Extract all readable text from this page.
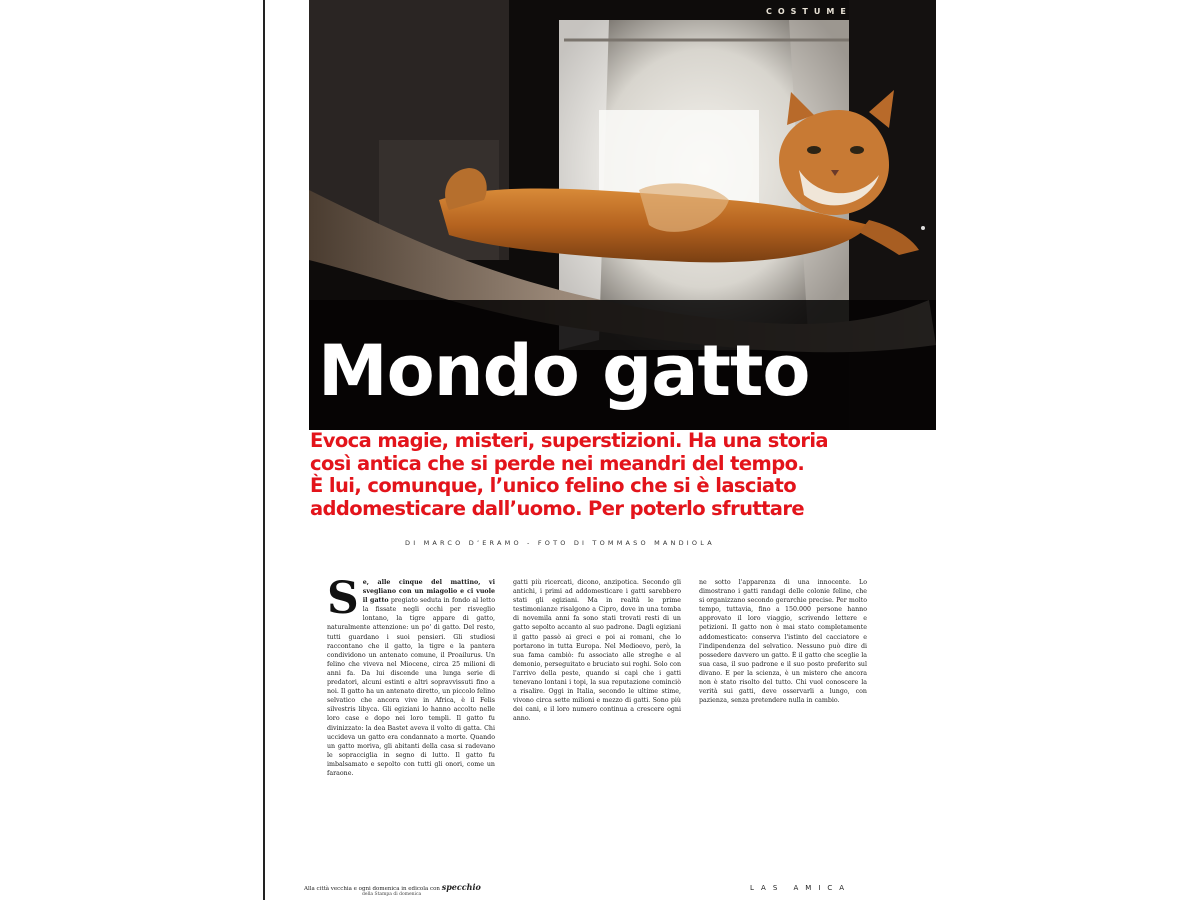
COSTUME
Mondo gatto
Evoca magie, misteri, superstizioni. Ha una storia
così antica che si perde nei meandri del tempo.
È lui, comunque, l’unico felino che si è lasciato
addomesticare dall’uomo. Per poterlo sfruttare
DI MARCO D’ERAMO - FOTO DI TOMMASO MANDIOLA
S e, alle cinque del mattino, vi svegliano con un miagolio e ci vuole il gatto pregiato seduta in fondo al letto la fissate negli occhi per risveglio lontano, la tigre appare di gatto, naturalmente attenzione: un po' di gatto. Del resto, tutti guardano i suoi pensieri. Gli studiosi raccontano che il gatto, la tigre e la pantera condividono un antenato comune, il Proailurus. Un felino che viveva nel Miocene, circa 25 milioni di anni fa. Da lui discende una lunga serie di predatori, alcuni estinti e altri sopravvissuti fino a noi. Il gatto ha un antenato diretto, un piccolo felino selvatico che ancora vive in Africa, è il Felis silvestris libyca. Gli egiziani lo hanno accolto nelle loro case e dopo nei loro templi. Il gatto fu divinizzato: la dea Bastet aveva il volto di gatta. Chi uccideva un gatto era condannato a morte. Quando un gatto moriva, gli abitanti della casa si radevano le sopracciglia in segno di lutto. Il gatto fu imbalsamato e sepolto con tutti gli onori, come un faraone.
gatti più ricercati, dicono, anzipotica. Secondo gli antichi, i primi ad addomesticare i gatti sarebbero stati gli egiziani. Ma in realtà le prime testimonianze risalgono a Cipro, dove in una tomba di novemila anni fa sono stati trovati resti di un gatto sepolto accanto al suo padrone. Dagli egiziani il gatto passò ai greci e poi ai romani, che lo portarono in tutta Europa. Nel Medioevo, però, la sua fama cambiò: fu associato alle streghe e al demonio, perseguitato e bruciato sui roghi. Solo con l'arrivo della peste, quando si capì che i gatti tenevano lontani i topi, la sua reputazione cominciò a risalire. Oggi in Italia, secondo le ultime stime, vivono circa sette milioni e mezzo di gatti. Sono più dei cani, e il loro numero continua a crescere ogni anno.
ne sotto l'apparenza di una innocente. Lo dimostrano i gatti randagi delle colonie feline, che si organizzano secondo gerarchie precise. Per molto tempo, tuttavia, fino a 150.000 persone hanno approvato il loro viaggio, scrivendo lettere e petizioni. Il gatto non è mai stato completamente addomesticato: conserva l'istinto del cacciatore e l'indipendenza del selvatico. Nessuno può dire di possedere davvero un gatto. È il gatto che sceglie la sua casa, il suo padrone e il suo posto preferito sul divano. E per la scienza, è un mistero che ancora non è stato risolto del tutto. Chi vuol conoscere la verità sui gatti, deve osservarli a lungo, con pazienza, senza pretendere nulla in cambio.
Alla città vecchia e ogni domenica in edicola con specchio
della Stampa di domenica
LAS AMICA
